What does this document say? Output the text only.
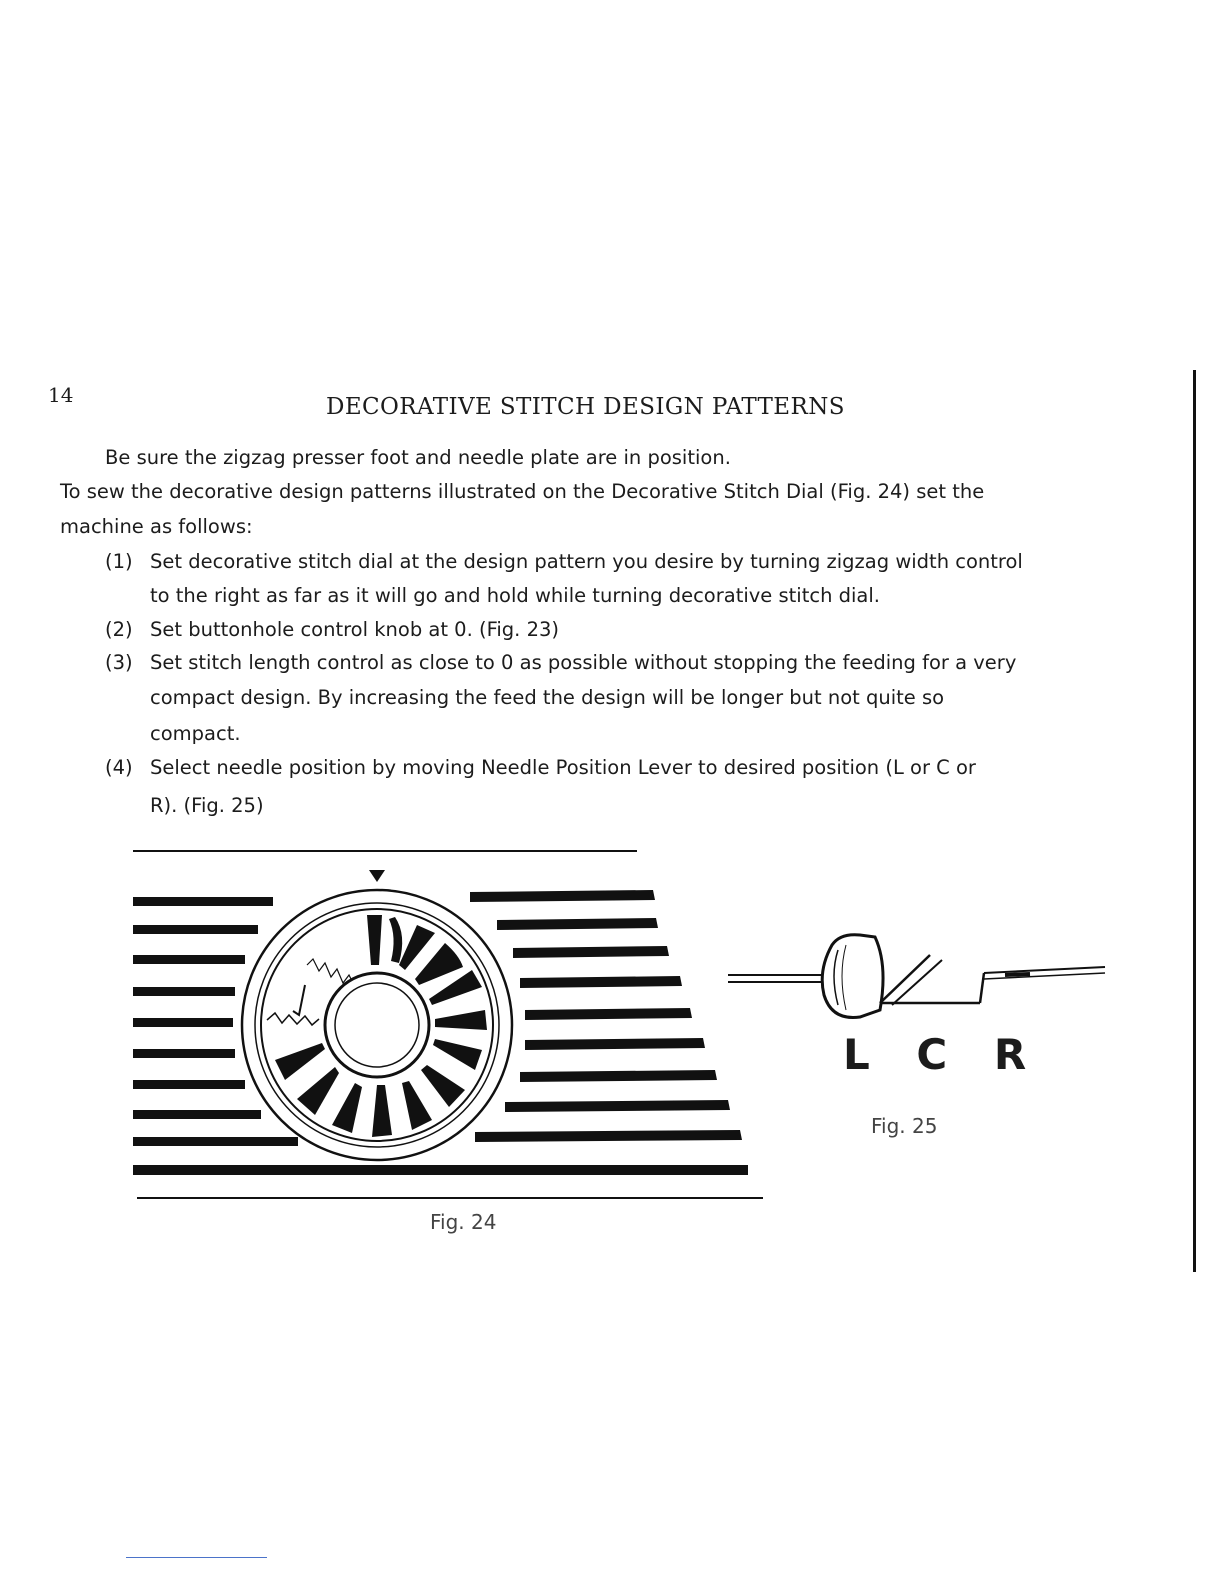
14	DECORATIVE STITCH DESIGN PATTERNS
Be sure the zigzag presser foot and needle plate are in position.
To sew the decorative design patterns illustrated on the Decorative Stitch Dial (Fig. 24) set the
machine as follows:
(1) Set decorative stitch dial at the design pattern you desire by turning zigzag width control
to the right as far as it will go and hold while turning decorative stitch dial.
(2) Set buttonhole control knob at 0. (Fig. 23)
(3) Set stitch length control as close to 0 as possible without stopping the feeding for a very
compact design. By increasing the feed the design will be longer but not quite so
compact.
(4) Select needle position by moving Needle Position Lever to desired position (L or C or
R). (Fig. 25)
L C R
Fig. 24
Fig. 25
